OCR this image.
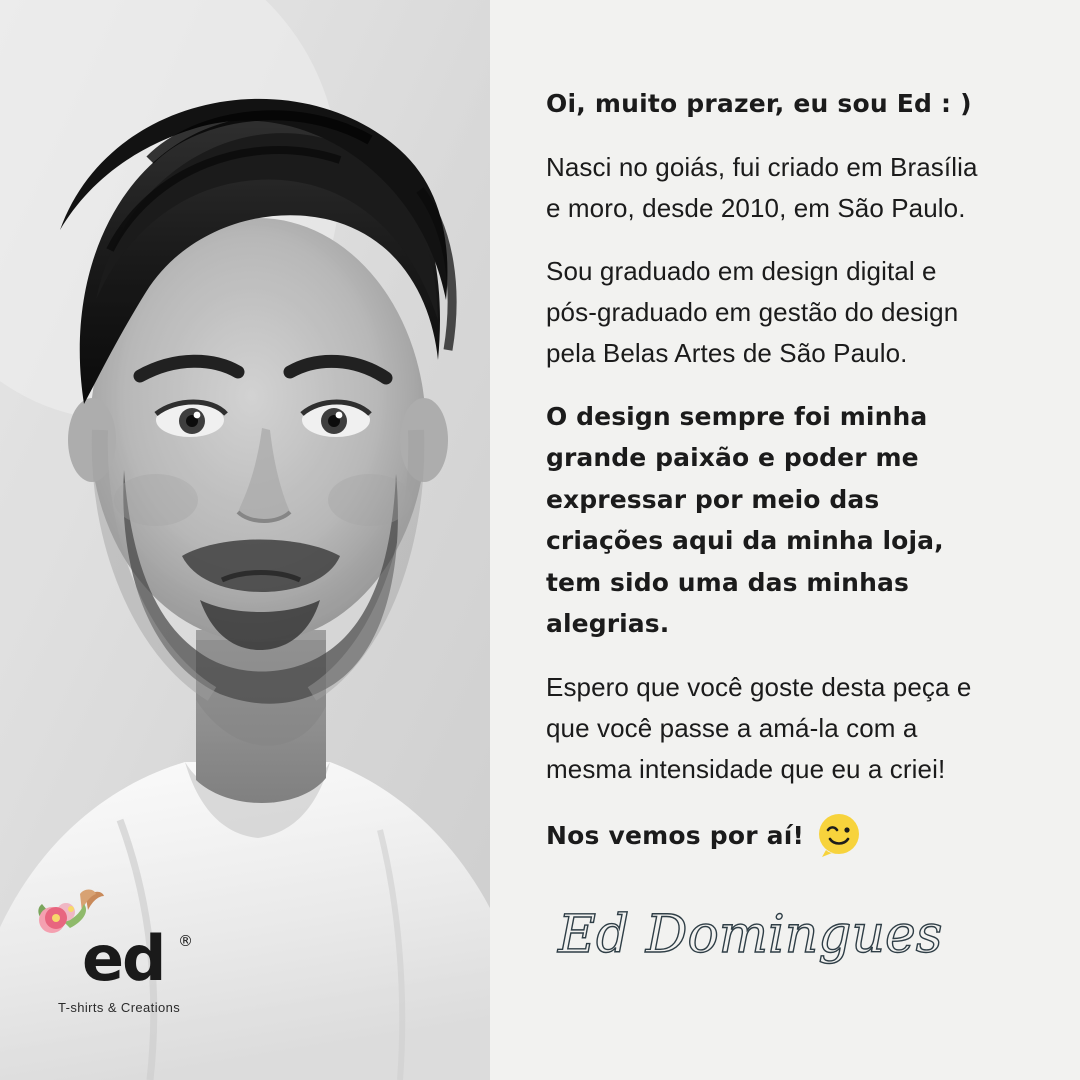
ed ®
T-shirts & Creations
Oi, muito prazer, eu sou Ed : )

Nasci no goiás, fui criado em Brasília e moro, desde 2010, em São Paulo.

Sou graduado em design digital e pós-graduado em gestão do design pela Belas Artes de São Paulo.

O design sempre foi minha grande paixão e poder me expressar por meio das criações aqui da minha loja, tem sido uma das minhas alegrias.

Espero que você goste desta peça e que você passe a amá-la com a mesma intensidade que eu a criei!

Nos vemos por aí!
Ed Domingues
